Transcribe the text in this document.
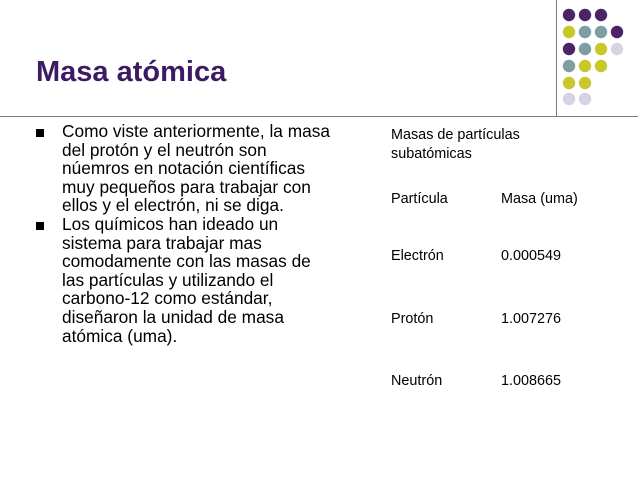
Masa atómica
Como viste anteriormente, la masa del protón y el neutrón son núemros en notación científicas muy pequeños para trabajar con ellos y el electrón, ni se diga.
Los químicos han ideado un sistema para trabajar mas comodamente con las masas de las partículas y utilizando el carbono-12 como estándar, diseñaron la unidad de masa atómica (uma).
Masas de partículas subatómicas
Partícula	Masa (uma)
Electrón	0.000549
Protón	1.007276
Neutrón	1.008665
